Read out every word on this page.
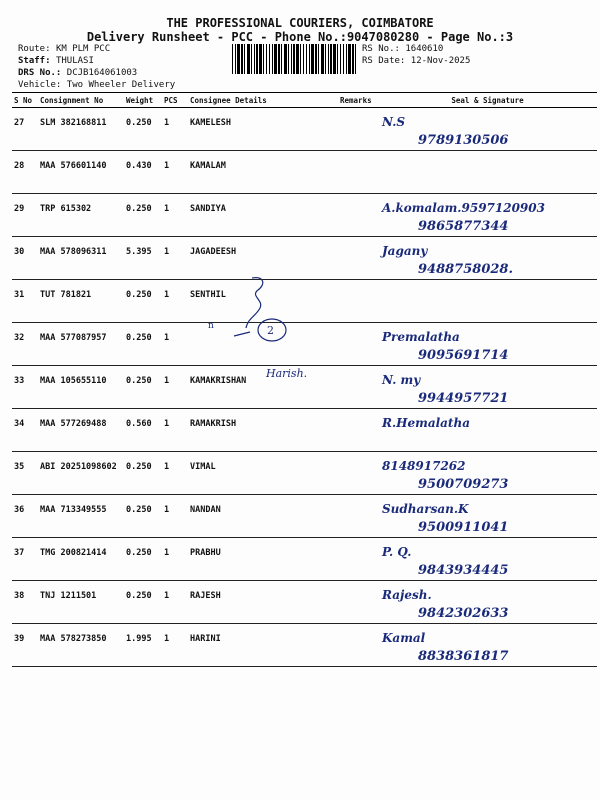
THE PROFESSIONAL COURIERS, COIMBATORE
Delivery Runsheet - PCC - Phone No.:9047080280 - Page No.:3
Route: KM PLM PCC
Staff: THULASI
DRS No.: DCJB164061003
Vehicle: Two Wheeler Delivery
RS No.: 1640610
RS Date: 12-Nov-2025
S No	Consignment No	Weight	PCS	Consignee Details	Remarks	Seal & Signature
27	SLM 382168811	0.250	1	KAMELESH		N.S
9789130506

28	MAA 576601140	0.430	1	KAMALAM		

29	TRP 615302	0.250	1	SANDIYA		A.komalam.9597120903
9865877344

30	MAA 578096311	5.395	1	JAGADEESH		Jagany
9488758028.

31	TUT 781821	0.250	1	SENTHIL		

32	MAA 577087957	0.250	1			Premalatha
9095691714

33	MAA 105655110	0.250	1	KAMAKRISHAN		N. my
9944957721

34	MAA 577269488	0.560	1	RAMAKRISH		R.Hemalatha

35	ABI 20251098602	0.250	1	VIMAL		8148917262
9500709273

36	MAA 713349555	0.250	1	NANDAN		Sudharsan.K
9500911041

37	TMG 200821414	0.250	1	PRABHU		P. Q.
9843934445

38	TNJ 1211501	0.250	1	RAJESH		Rajesh.
9842302633

39	MAA 578273850	1.995	1	HARINI		Kamal
8838361817
2
n
Harish.
